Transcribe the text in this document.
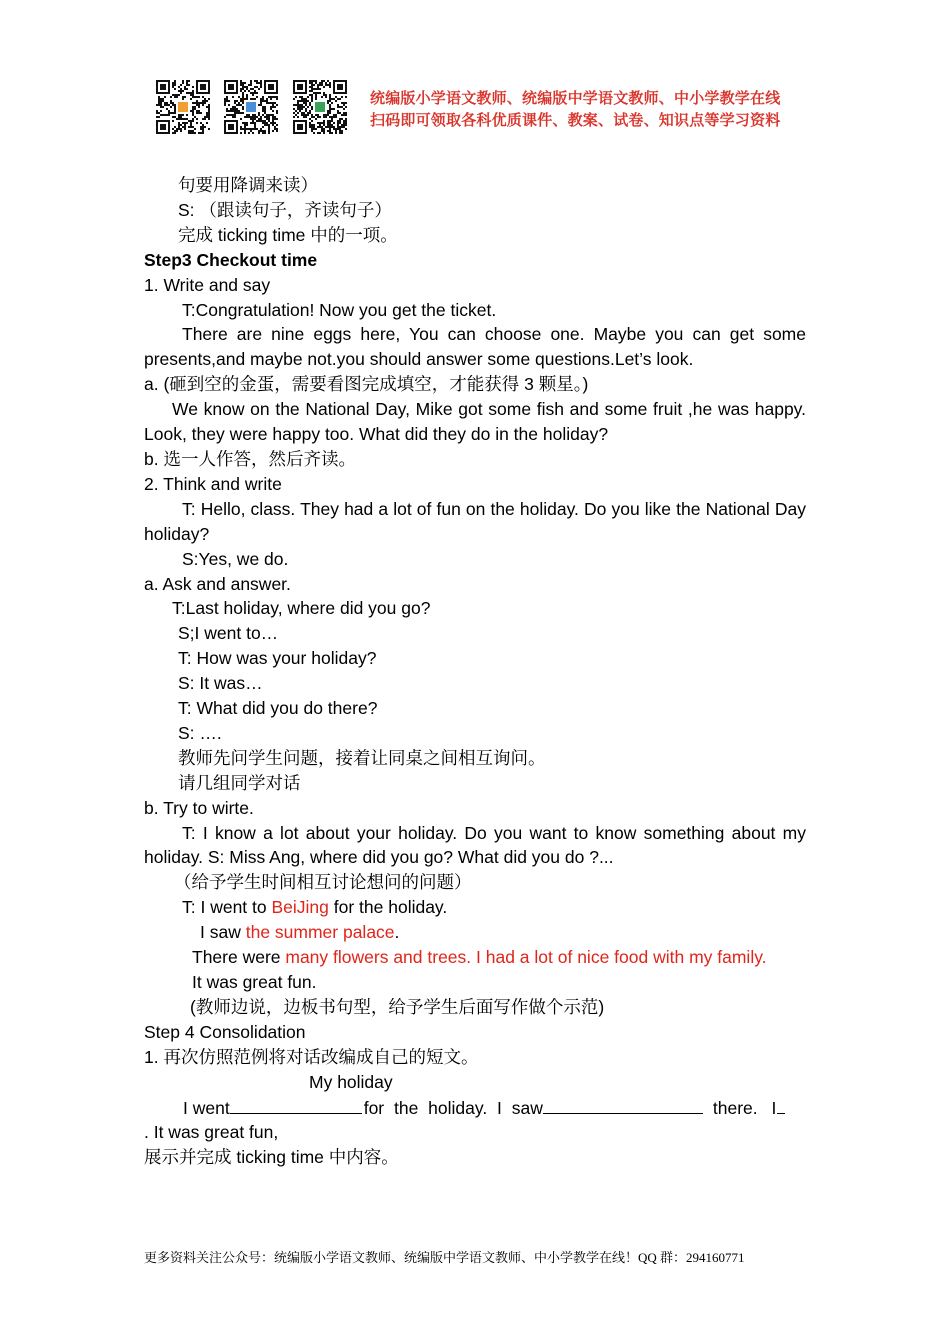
统编版小学语文教师、统编版中学语文教师、中小学教学在线
扫码即可领取各科优质课件、教案、试卷、知识点等学习资料
句要用降调来读）
S: （跟读句子，齐读句子）
完成 ticking time 中的一项。
Step3 Checkout time
1. Write and say
T:Congratulation! Now you get the ticket.
There are nine eggs here, You can choose one. Maybe you can get some presents,and maybe not.you should answer some questions.Let’s look.
a. (砸到空的金蛋，需要看图完成填空，才能获得 3 颗星。)
We know on the National Day, Mike got some fish and some fruit ,he was happy. Look, they were happy too. What did they do in the holiday?
b. 选一人作答，然后齐读。
2. Think and write
T: Hello, class. They had a lot of fun on the holiday. Do you like the National Day holiday?
S:Yes, we do.
a. Ask and answer.
T:Last holiday, where did you go?
S;I went to…
T: How was your holiday?
S: It was…
T: What did you do there?
S: ….
教师先问学生问题，接着让同桌之间相互询问。
请几组同学对话
b. Try to wirte.
T: I know a lot about your holiday. Do you want to know something about my holiday. S: Miss Ang, where did you go? What did you do ?...
（给予学生时间相互讨论想问的问题）
T: I went to BeiJing for the holiday.
I saw the summer palace.
There were many flowers and trees. I had a lot of nice food with my family.
It was great fun.
(教师边说，边板书句型，给予学生后面写作做个示范)
Step 4 Consolidation
1. 再次仿照范例将对话改编成自己的短文。
My holiday
I went	for the holiday. I saw	there. I
. It was great fun,
展示并完成 ticking time 中内容。
更多资料关注公众号：统编版小学语文教师、统编版中学语文教师、中小学教学在线！QQ 群：294160771
